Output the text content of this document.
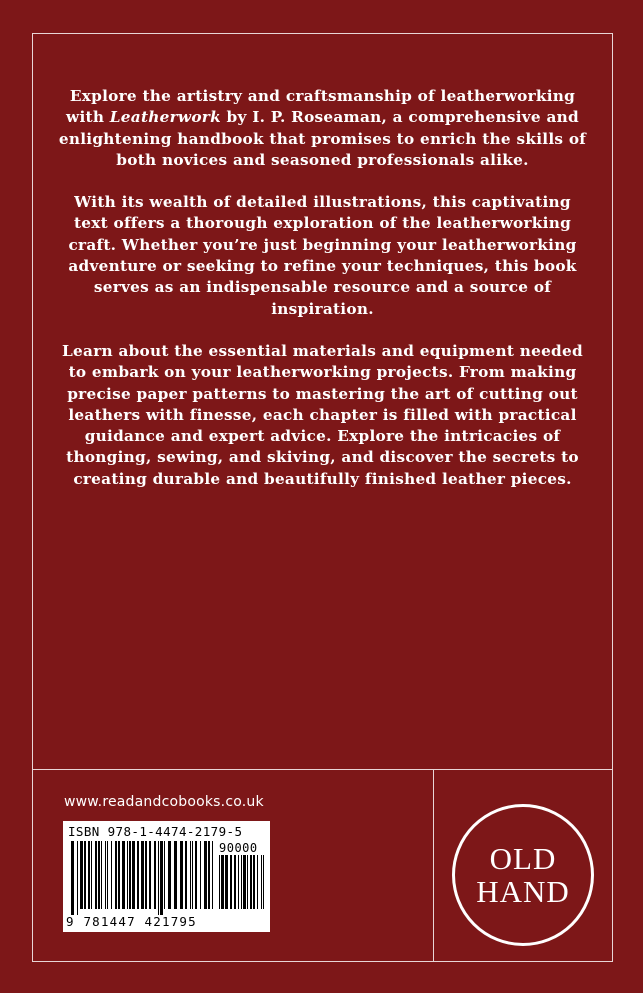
Explore the artistry and craftsmanship of leatherworking with Leatherwork by I. P. Roseaman, a comprehensive and enlightening handbook that promises to enrich the skills of both novices and seasoned professionals alike.

With its wealth of detailed illustrations, this captivating text offers a thorough exploration of the leatherworking craft. Whether you’re just beginning your leatherworking adventure or seeking to refine your techniques, this book serves as an indispensable resource and a source of inspiration.

Learn about the essential materials and equipment needed to embark on your leatherworking projects. From making precise paper patterns to mastering the art of cutting out leathers with finesse, each chapter is filled with practical guidance and expert advice. Explore the intricacies of thonging, sewing, and skiving, and discover the secrets to creating durable and beautifully finished leather pieces.

www.readandcobooks.co.uk
ISBN 978-1-4474-2179-5
90000
9 781447 421795
OLD
HAND
